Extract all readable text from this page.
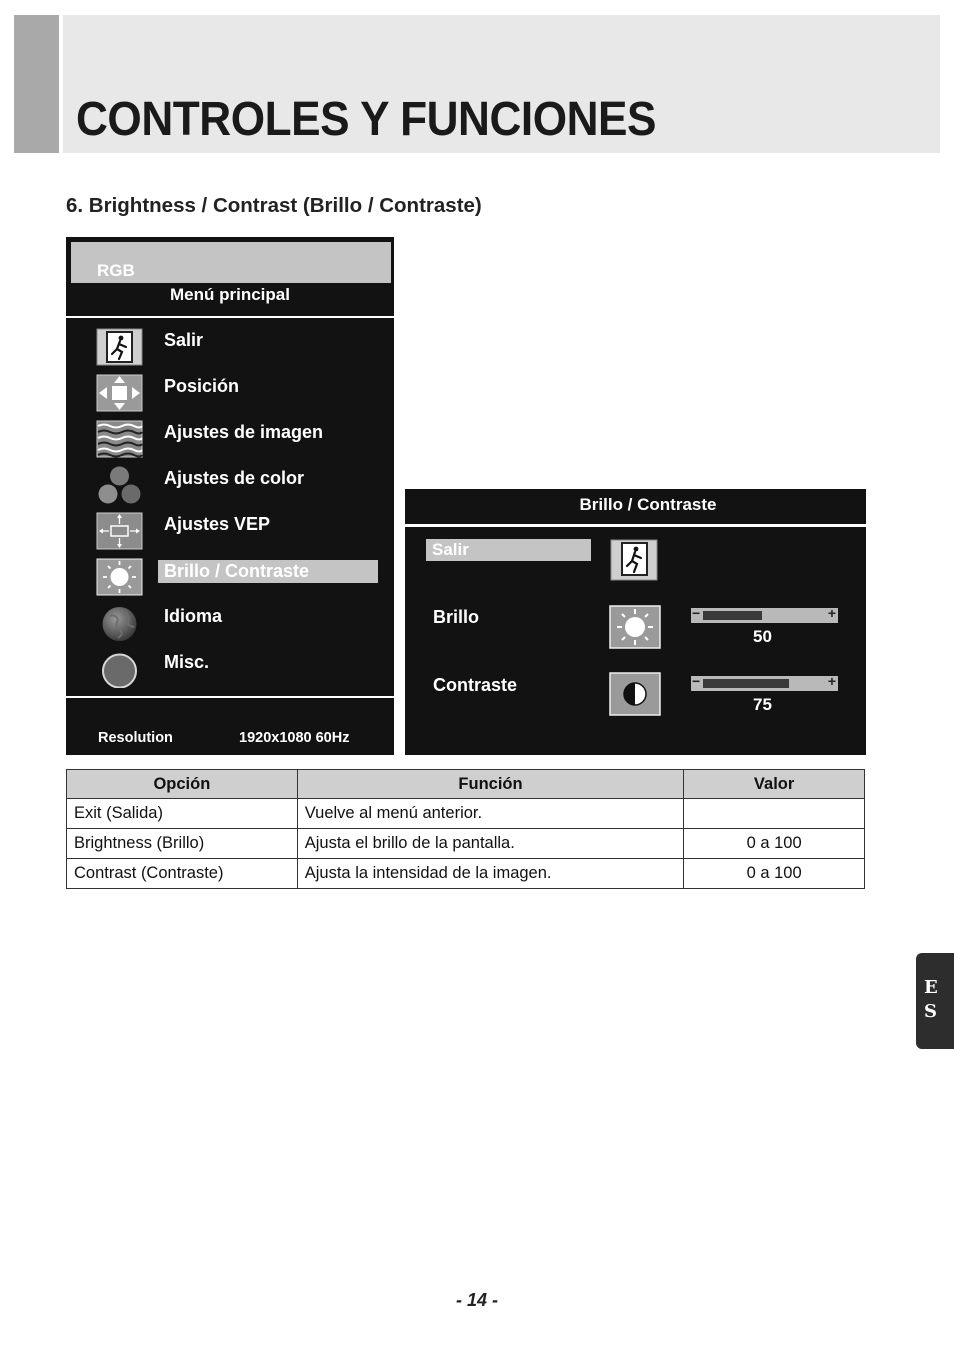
CONTROLES Y FUNCIONES
6. Brightness / Contrast (Brillo / Contraste)
RGB
Menú principal
Salir
Posición
Ajustes de imagen
Ajustes de color
Ajustes VEP
Brillo / Contraste
Idioma
Misc.
Resolution	1920x1080 60Hz
Brillo / Contraste
Salir
Brillo	−	+
50
Contraste	−	+
75
Opción	Función	Valor
Exit (Salida)	Vuelve al menú anterior.	
Brightness (Brillo)	Ajusta el brillo de la pantalla.	0 a 100
Contrast (Contraste)	Ajusta la intensidad de la imagen.	0 a 100
E
S
- 14 -
